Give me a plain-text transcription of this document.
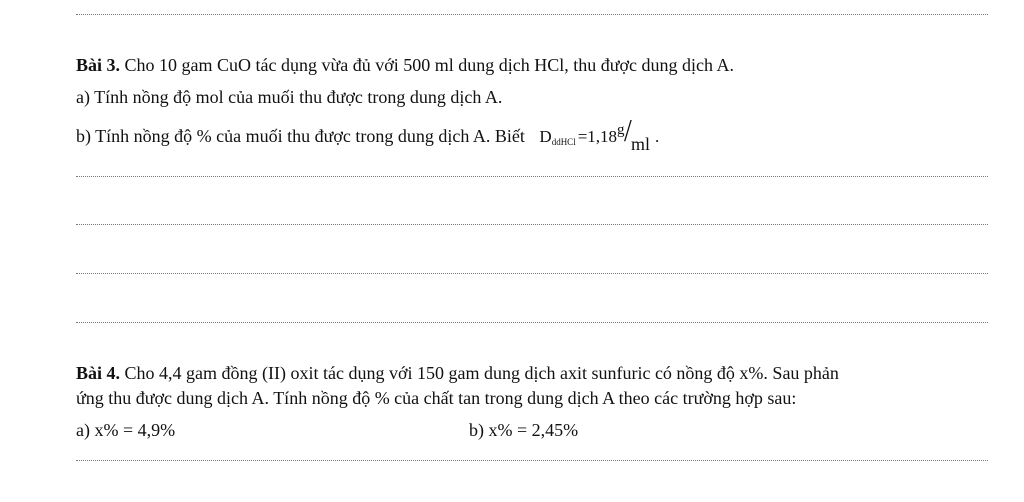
Bài 3. Cho 10 gam CuO tác dụng vừa đủ với 500 ml dung dịch HCl, thu được dung dịch A.
a) Tính nồng độ mol của muối thu được trong dung dịch A.
b) Tính nồng độ % của muối thu được trong dung dịch A. Biết $D_{ddHCl} =1,18$ g / ml .
Bài 4. Cho 4,4 gam đồng (II) oxit tác dụng với 150 gam dung dịch axit sunfuric có nồng độ x%. Sau phản
ứng thu được dung dịch A. Tính nồng độ % của chất tan trong dung dịch A theo các trường hợp sau:
a) x% = 4,9%	b) x% = 2,45%
